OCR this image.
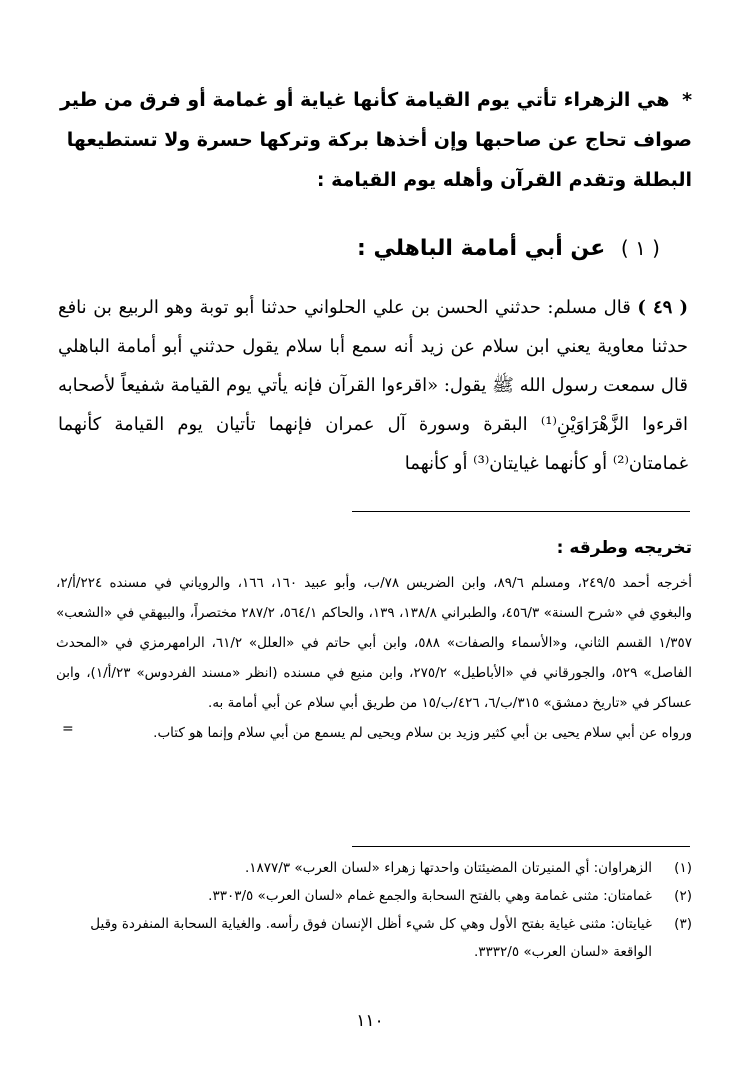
* هي الزهراء تأتي يوم القيامة كأنها غياية أو غمامة أو فرق من طير صواف تحاج عن صاحبها وإن أخذها بركة وتركها حسرة ولا تستطيعها البطلة وتقدم القرآن وأهله يوم القيامة :
( ١ ) عن أبي أمامة الباهلي :
( ٤٩ ) قال مسلم: حدثني الحسن بن علي الحلواني حدثنا أبو توبة وهو الربيع بن نافع حدثنا معاوية يعني ابن سلام عن زيد أنه سمع أبا سلام يقول حدثني أبو أمامة الباهلي قال سمعت رسول الله ﷺ يقول: «اقرءوا القرآن فإنه يأتي يوم القيامة شفيعاً لأصحابه اقرءوا الزَّهْرَاوَيْنِ⁽¹⁾ البقرة وسورة آل عمران فإنهما تأتيان يوم القيامة كأنهما غمامتان⁽²⁾ أو كأنهما غيايتان⁽³⁾ أو كأنهما
تخريجه وطرقه :

أخرجه أحمد ٢٤٩/٥، ومسلم ٨٩/٦، وابن الضريس ٧٨/ب، وأبو عبيد ١٦٠، ١٦٦، والروياني في مسنده ٢٢٤/أ/٢، والبغوي في «شرح السنة» ٤٥٦/٣، والطبراني ١٣٨/٨، ١٣٩، والحاكم ٥٦٤/١، ٢٨٧/٢ مختصراً، والبيهقي في «الشعب» ١/٣٥٧ القسم الثاني، و«الأسماء والصفات» ٥٨٨، وابن أبي حاتم في «العلل» ٦١/٢، الرامهرمزي في «المحدث الفاصل» ٥٢٩، والجورقاني في «الأباطيل» ٢٧٥/٢، وابن منيع في مسنده (انظر «مسند الفردوس» ٢٣/أ/١)، وابن عساكر في «تاريخ دمشق» ٣١٥/ب/٦، ٤٢٦/ب/١٥ من طريق أبي سلام عن أبي أمامة به.

ورواه عن أبي سلام يحيى بن أبي كثير وزيد بن سلام ويحيى لم يسمع من أبي سلام وإنما هو كتاب.

=
(١)
الزهراوان: أي المنيرتان المضيئتان واحدتها زهراء «لسان العرب» ١٨٧٧/٣.
(٢)
غمامتان: مثنى غمامة وهي بالفتح السحابة والجمع غمام «لسان العرب» ٣٣٠٣/٥.
(٣)
غيايتان: مثنى غياية بفتح الأول وهي كل شيء أظل الإنسان فوق رأسه. والغياية السحابة المنفردة وقيل الواقعة «لسان العرب» ٣٣٣٢/٥.
١١٠
